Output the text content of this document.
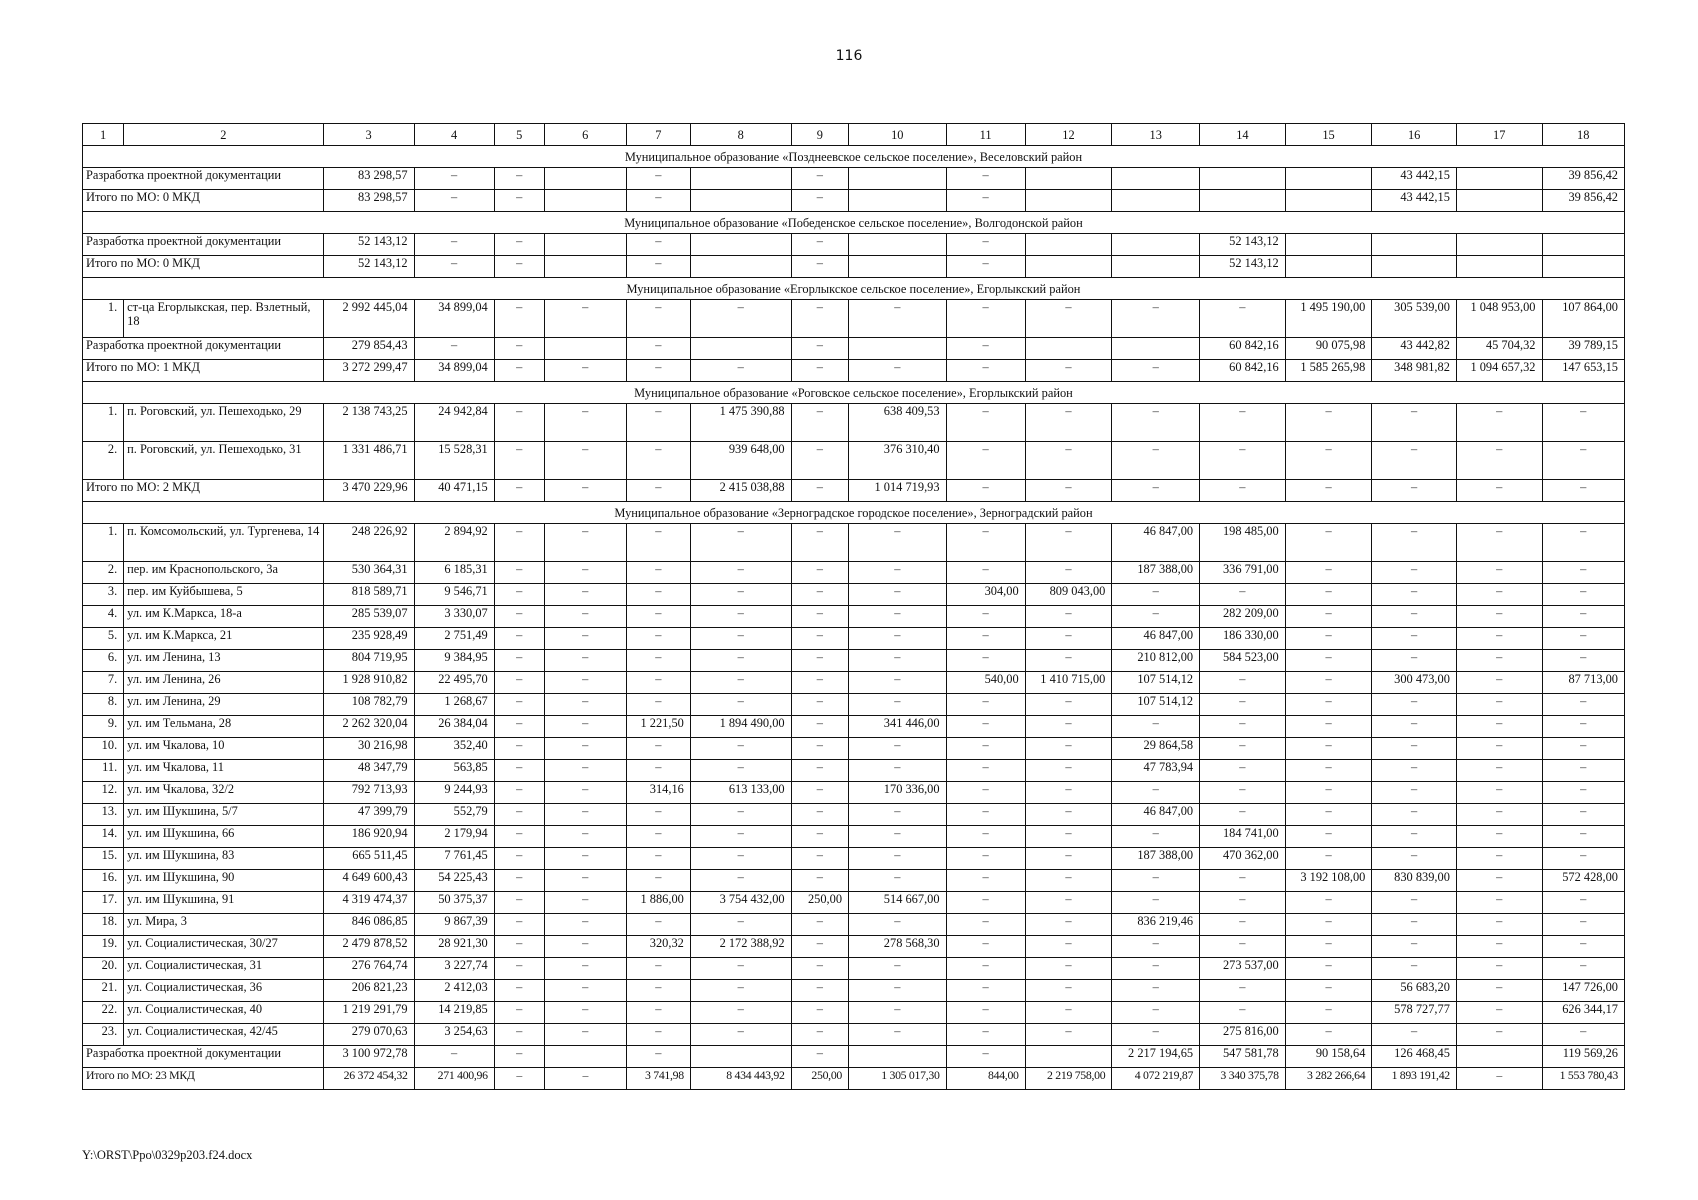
116
1	2	3	4	5	6	7	8	9	10	11	12	13	14	15	16	17	18
Муниципальное образование «Позднеевское сельское поселение», Веселовский район																	
Разработка проектной документации		83 298,57	–	–		–		–		–					43 442,15		39 856,42
Итого по МО: 0 МКД		83 298,57	–	–		–		–		–					43 442,15		39 856,42
Муниципальное образование «Победенское сельское поселение», Волгодонской район																	
Разработка проектной документации		52 143,12	–	–		–		–		–			52 143,12				
Итого по МО: 0 МКД		52 143,12	–	–		–		–		–			52 143,12				
Муниципальное образование «Егорлыкское сельское поселение», Егорлыкский район																	
1.	ст-ца Егорлыкская, пер. Взлетный, 18	2 992 445,04	34 899,04	–	–	–	–	–	–	–	–	–	–	1 495 190,00	305 539,00	1 048 953,00	107 864,00
Разработка проектной документации		279 854,43	–	–		–		–		–			60 842,16	90 075,98	43 442,82	45 704,32	39 789,15
Итого по МО: 1 МКД		3 272 299,47	34 899,04	–	–	–	–	–	–	–	–	–	60 842,16	1 585 265,98	348 981,82	1 094 657,32	147 653,15
Муниципальное образование «Роговское сельское поселение», Егорлыкский район																	
1.	п. Роговский, ул. Пешеходько, 29	2 138 743,25	24 942,84	–	–	–	1 475 390,88	–	638 409,53	–	–	–	–	–	–	–	–
2.	п. Роговский, ул. Пешеходько, 31	1 331 486,71	15 528,31	–	–	–	939 648,00	–	376 310,40	–	–	–	–	–	–	–	–
Итого по МО: 2 МКД		3 470 229,96	40 471,15	–	–	–	2 415 038,88	–	1 014 719,93	–	–	–	–	–	–	–	–
Муниципальное образование «Зерноградское городское поселение», Зерноградский район																	
1.	п. Комсомольский, ул. Тургенева, 14	248 226,92	2 894,92	–	–	–	–	–	–	–	–	46 847,00	198 485,00	–	–	–	–
2.	пер. им Краснопольского, 3а	530 364,31	6 185,31	–	–	–	–	–	–	–	–	187 388,00	336 791,00	–	–	–	–
3.	пер. им Куйбышева, 5	818 589,71	9 546,71	–	–	–	–	–	–	304,00	809 043,00	–	–	–	–	–	–
4.	ул. им К.Маркса, 18-а	285 539,07	3 330,07	–	–	–	–	–	–	–	–	–	282 209,00	–	–	–	–
5.	ул. им К.Маркса, 21	235 928,49	2 751,49	–	–	–	–	–	–	–	–	46 847,00	186 330,00	–	–	–	–
6.	ул. им Ленина, 13	804 719,95	9 384,95	–	–	–	–	–	–	–	–	210 812,00	584 523,00	–	–	–	–
7.	ул. им Ленина, 26	1 928 910,82	22 495,70	–	–	–	–	–	–	540,00	1 410 715,00	107 514,12	–	–	300 473,00	–	87 713,00
8.	ул. им Ленина, 29	108 782,79	1 268,67	–	–	–	–	–	–	–	–	107 514,12	–	–	–	–	–
9.	ул. им Тельмана, 28	2 262 320,04	26 384,04	–	–	1 221,50	1 894 490,00	–	341 446,00	–	–	–	–	–	–	–	–
10.	ул. им Чкалова, 10	30 216,98	352,40	–	–	–	–	–	–	–	–	29 864,58	–	–	–	–	–
11.	ул. им Чкалова, 11	48 347,79	563,85	–	–	–	–	–	–	–	–	47 783,94	–	–	–	–	–
12.	ул. им Чкалова, 32/2	792 713,93	9 244,93	–	–	314,16	613 133,00	–	170 336,00	–	–	–	–	–	–	–	–
13.	ул. им Шукшина, 5/7	47 399,79	552,79	–	–	–	–	–	–	–	–	46 847,00	–	–	–	–	–
14.	ул. им Шукшина, 66	186 920,94	2 179,94	–	–	–	–	–	–	–	–	–	184 741,00	–	–	–	–
15.	ул. им Шукшина, 83	665 511,45	7 761,45	–	–	–	–	–	–	–	–	187 388,00	470 362,00	–	–	–	–
16.	ул. им Шукшина, 90	4 649 600,43	54 225,43	–	–	–	–	–	–	–	–	–	–	3 192 108,00	830 839,00	–	572 428,00
17.	ул. им Шукшина, 91	4 319 474,37	50 375,37	–	–	1 886,00	3 754 432,00	250,00	514 667,00	–	–	–	–	–	–	–	–
18.	ул. Мира, 3	846 086,85	9 867,39	–	–	–	–	–	–	–	–	836 219,46	–	–	–	–	–
19.	ул. Социалистическая, 30/27	2 479 878,52	28 921,30	–	–	320,32	2 172 388,92	–	278 568,30	–	–	–	–	–	–	–	–
20.	ул. Социалистическая, 31	276 764,74	3 227,74	–	–	–	–	–	–	–	–	–	273 537,00	–	–	–	–
21.	ул. Социалистическая, 36	206 821,23	2 412,03	–	–	–	–	–	–	–	–	–	–	–	56 683,20	–	147 726,00
22.	ул. Социалистическая, 40	1 219 291,79	14 219,85	–	–	–	–	–	–	–	–	–	–	–	578 727,77	–	626 344,17
23.	ул. Социалистическая, 42/45	279 070,63	3 254,63	–	–	–	–	–	–	–	–	–	275 816,00	–	–	–	–
Разработка проектной документации		3 100 972,78	–	–		–		–		–		2 217 194,65	547 581,78	90 158,64	126 468,45		119 569,26
Итого по МО: 23 МКД		26 372 454,32	271 400,96	–	–	3 741,98	8 434 443,92	250,00	1 305 017,30	844,00	2 219 758,00	4 072 219,87	3 340 375,78	3 282 266,64	1 893 191,42	–	1 553 780,43
Y:\ORST\Ppo\0329p203.f24.docx
